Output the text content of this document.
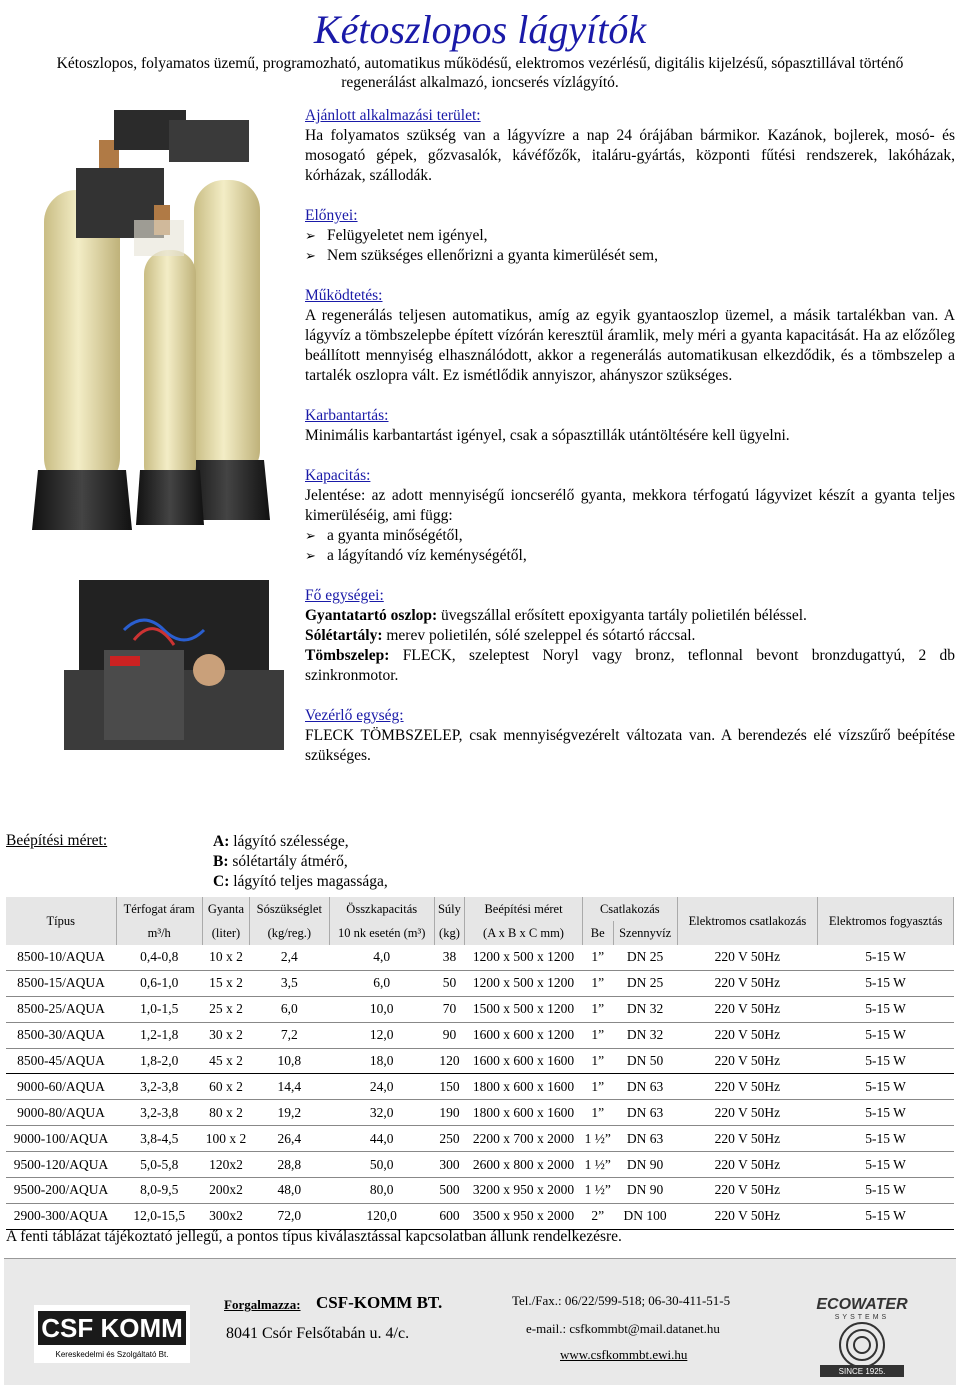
Kétoszlopos lágyítók
Kétoszlopos, folyamatos üzemű, programozható, automatikus működésű, elektromos vezérlésű, digitális kijelzésű, sópasztillával történő regenerálást alkalmazó, ioncserés vízlágyító.

Ajánlott alkalmazási terület:

Ha folyamatos szükség van a lágyvízre a nap 24 órájában bármikor. Kazánok, bojlerek, mosó- és mosogató gépek, gőzvasalók, kávéfőzők, italáru-gyártás, központi fűtési rendszerek, lakóházak, kórházak, szállodák.

Előnyei:

➢ Felügyeletet nem igényel,

➢ Nem szükséges ellenőrizni a gyanta kimerülését sem,

Működtetés:

A regenerálás teljesen automatikus, amíg az egyik gyantaoszlop üzemel, a másik tartalékban van. A lágyvíz a tömbszelepbe épített vízórán keresztül áramlik, mely méri a gyanta kapacitását. Ha az előzőleg beállított mennyiség elhasználódott, akkor a regenerálás automatikusan elkezdődik, és a tömbszelep a tartalék oszlopra vált. Ez ismétlődik annyiszor, ahányszor szükséges.

Karbantartás:

Minimális karbantartást igényel, csak a sópasztillák utántöltésére kell ügyelni.

Kapacitás:

Jelentése: az adott mennyiségű ioncserélő gyanta, mekkora térfogatú lágyvizet készít a gyanta teljes kimerüléséig, ami függ:

➢ a gyanta minőségétől,

➢ a lágyítandó víz keménységétől,

Fő egységei:

Gyantatartó oszlop: üvegszállal erősített epoxigyanta tartály polietilén béléssel.

Sólétartály: merev polietilén, sólé szeleppel és sótartó ráccsal.

Tömbszelep: FLECK, szeleptest Noryl vagy bronz, teflonnal bevont bronzdugattyú, 2 db szinkronmotor.

Vezérlő egység:

FLECK TÖMBSZELEP, csak mennyiségvezérelt változata van. A berendezés elé vízszűrő beépítése szükséges.

Beépítési méret:	A: lágyító szélessége,
B: sólétartály átmérő,
C: lágyító teljes magassága,
Típus	Térfogat áram	Gyanta	Sószükséglet	Összkapacitás	Súly	Beépítési méret	Csatlakozás		Elektromos csatlakozás	Elektromos fogyasztás
	m³/h	(liter)	(kg/reg.)	10 nk esetén (m³)	(kg)	(A x B x C mm)	Be	Szennyvíz		
8500-10/AQUA	0,4-0,8	10 x 2	2,4	4,0	38	1200 x 500 x 1200	1”	DN 25	220 V 50Hz	5-15 W
8500-15/AQUA	0,6-1,0	15 x 2	3,5	6,0	50	1200 x 500 x 1200	1”	DN 25	220 V 50Hz	5-15 W
8500-25/AQUA	1,0-1,5	25 x 2	6,0	10,0	70	1500 x 500 x 1200	1”	DN 32	220 V 50Hz	5-15 W
8500-30/AQUA	1,2-1,8	30 x 2	7,2	12,0	90	1600 x 600 x 1200	1”	DN 32	220 V 50Hz	5-15 W
8500-45/AQUA	1,8-2,0	45 x 2	10,8	18,0	120	1600 x 600 x 1600	1”	DN 50	220 V 50Hz	5-15 W
9000-60/AQUA	3,2-3,8	60 x 2	14,4	24,0	150	1800 x 600 x 1600	1”	DN 63	220 V 50Hz	5-15 W
9000-80/AQUA	3,2-3,8	80 x 2	19,2	32,0	190	1800 x 600 x 1600	1”	DN 63	220 V 50Hz	5-15 W
9000-100/AQUA	3,8-4,5	100 x 2	26,4	44,0	250	2200 x 700 x 2000	1 ½”	DN 63	220 V 50Hz	5-15 W
9500-120/AQUA	5,0-5,8	120x2	28,8	50,0	300	2600 x 800 x 2000	1 ½”	DN 90	220 V 50Hz	5-15 W
9500-200/AQUA	8,0-9,5	200x2	48,0	80,0	500	3200 x 950 x 2000	1 ½”	DN 90	220 V 50Hz	5-15 W
2900-300/AQUA	12,0-15,5	300x2	72,0	120,0	600	3500 x 950 x 2000	2”	DN 100	220 V 50Hz	5-15 W
A fenti táblázat tájékoztató jellegű, a pontos típus kiválasztással kapcsolatban állunk rendelkezésre.
CSF KOMM
Kereskedelmi és Szolgáltató Bt.
Forgalmazza: CSF-KOMM BT.
8041 Csór Felsőtabán u. 4/c.
Tel./Fax.: 06/22/599-518; 06-30-411-51-5
e-mail.: csfkommbt@mail.datanet.hu
www.csfkommbt.ewi.hu
ECOWATER
SYSTEMS
SINCE 1925.
